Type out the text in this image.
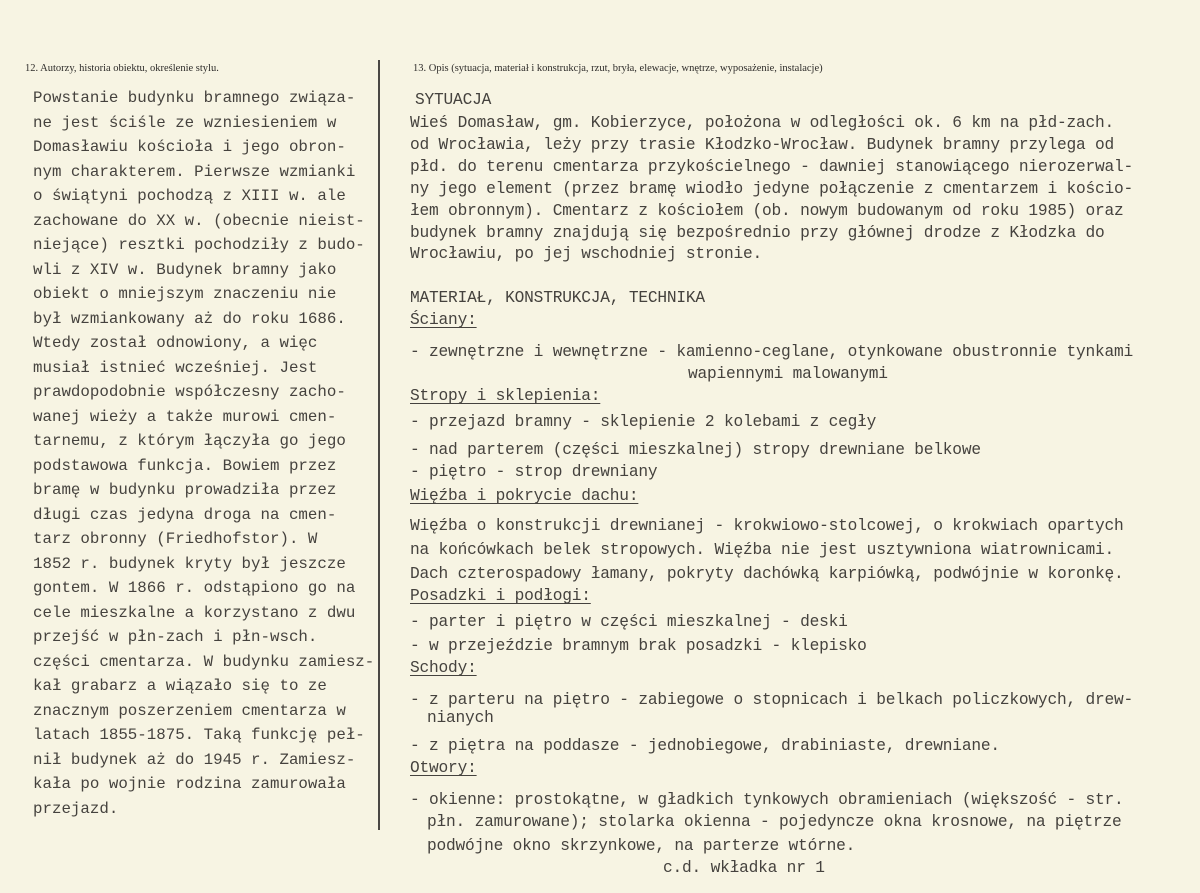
12. Autorzy, historia obiektu, określenie stylu.	13. Opis (sytuacja, materiał i konstrukcja, rzut, bryła, elewacje, wnętrze, wyposażenie, instalacje)
Powstanie budynku bramnego związa-
ne jest ściśle ze wzniesieniem w
Domasławiu kościoła i jego obron-
nym charakterem. Pierwsze wzmianki
o świątyni pochodzą z XIII w. ale
zachowane do XX w. (obecnie nieist-
niejące) resztki pochodziły z budo-
wli z XIV w. Budynek bramny jako
obiekt o mniejszym znaczeniu nie
był wzmiankowany aż do roku 1686.
Wtedy został odnowiony, a więc
musiał istnieć wcześniej. Jest
prawdopodobnie współczesny zacho-
wanej wieży a także murowi cmen-
tarnemu, z którym łączyła go jego
podstawowa funkcja. Bowiem przez
bramę w budynku prowadziła przez
długi czas jedyna droga na cmen-
tarz obronny (Friedhofstor). W
1852 r. budynek kryty był jeszcze
gontem. W 1866 r. odstąpiono go na
cele mieszkalne a korzystano z dwu
przejść w płn-zach i płn-wsch.
części cmentarza. W budynku zamiesz-
kał grabarz a wiązało się to ze
znacznym poszerzeniem cmentarza w
latach 1855-1875. Taką funkcję peł-
nił budynek aż do 1945 r. Zamiesz-
kała po wojnie rodzina zamurowała
przejazd.
SYTUACJA
Wieś Domasław, gm. Kobierzyce, położona w odległości ok. 6 km na płd-zach.
od Wrocławia, leży przy trasie Kłodzko-Wrocław. Budynek bramny przylega od
płd. do terenu cmentarza przykościelnego - dawniej stanowiącego nierozerwal-
ny jego element (przez bramę wiodło jedyne połączenie z cmentarzem i kościo-
łem obronnym). Cmentarz z kościołem (ob. nowym budowanym od roku 1985) oraz
budynek bramny znajdują się bezpośrednio przy głównej drodze z Kłodzka do
Wrocławiu, po jej wschodniej stronie.
MATERIAŁ, KONSTRUKCJA, TECHNIKA
Ściany:
- zewnętrzne i wewnętrzne - kamienno-ceglane, otynkowane obustronnie tynkami
wapiennymi malowanymi
Stropy i sklepienia:
- przejazd bramny - sklepienie 2 kolebami z cegły
- nad parterem (części mieszkalnej) stropy drewniane belkowe
- piętro - strop drewniany
Więźba i pokrycie dachu:
Więźba o konstrukcji drewnianej - krokwiowo-stolcowej, o krokwiach opartych
na końcówkach belek stropowych. Więźba nie jest usztywniona wiatrownicami.
Dach czterospadowy łamany, pokryty dachówką karpiówką, podwójnie w koronkę.
Posadzki i podłogi:
- parter i piętro w części mieszkalnej - deski
- w przejeździe bramnym brak posadzki - klepisko
Schody:
- z parteru na piętro - zabiegowe o stopnicach i belkach policzkowych, drew-
nianych
- z piętra na poddasze - jednobiegowe, drabiniaste, drewniane.
Otwory:
- okienne: prostokątne, w gładkich tynkowych obramieniach (większość - str.
płn. zamurowane); stolarka okienna - pojedyncze okna krosnowe, na piętrze
podwójne okno skrzynkowe, na parterze wtórne.
c.d. wkładka nr 1
